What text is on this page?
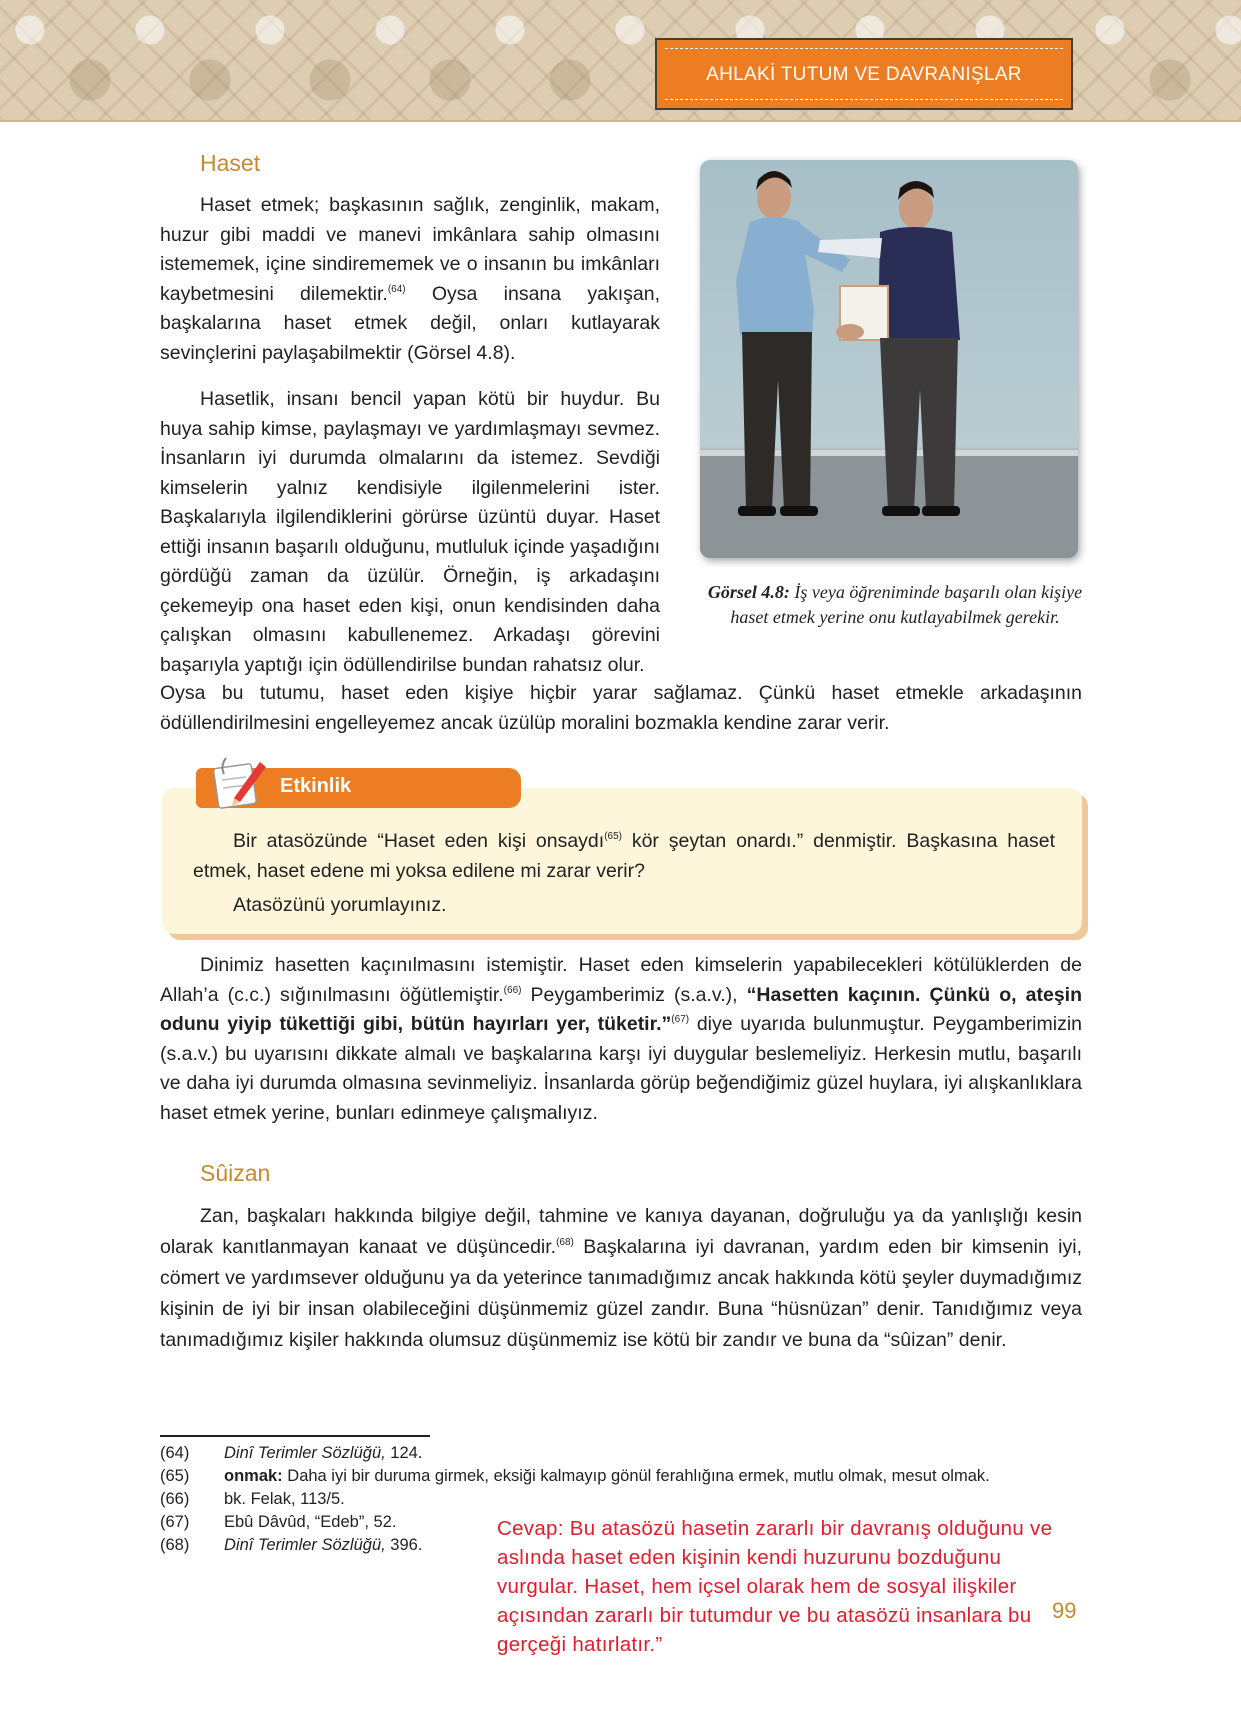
AHLAKİ TUTUM VE DAVRANIŞLAR
Haset

Haset etmek; başkasının sağlık, zenginlik, makam, huzur gibi maddi ve manevi imkânlara sahip olmasını istememek, içine sindirememek ve o insanın bu imkânları kaybetmesini dilemektir.$^{(64)}$ Oysa insana yakışan, başkalarına haset etmek değil, onları kutlayarak sevinçlerini paylaşabilmektir (Görsel 4.8).

Hasetlik, insanı bencil yapan kötü bir huydur. Bu huya sahip kimse, paylaşmayı ve yardımlaşmayı sevmez. İnsanların iyi durumda olmalarını da istemez. Sevdiği kimselerin yalnız kendisiyle ilgilenmelerini ister. Başkalarıyla ilgilendiklerini görürse üzüntü duyar. Haset ettiği insanın başarılı olduğunu, mutluluk içinde yaşadığını gördüğü zaman da üzülür. Örneğin, iş arkadaşını çekemeyip ona haset eden kişi, onun kendisinden daha çalışkan olmasını kabullenemez. Arkadaşı görevini başarıyla yaptığı için ödüllendirilse bundan rahatsız olur.

Oysa bu tutumu, haset eden kişiye hiçbir yarar sağlamaz. Çünkü haset etmekle arkadaşının ödüllendirilmesini engelleyemez ancak üzülüp moralini bozmakla kendine zarar verir.

Görsel 4.8: İş veya öğreniminde başarılı olan kişiye haset etmek yerine onu kutlayabilmek gerekir.
Etkinlik

Bir atasözünde “Haset eden kişi onsaydı$^{(65)}$ kör şeytan onardı.” denmiştir. Başkasına haset etmek, haset edene mi yoksa edilene mi zarar verir?

Atasözünü yorumlayınız.

Dinimiz hasetten kaçınılmasını istemiştir. Haset eden kimselerin yapabilecekleri kötülüklerden de Allah’a (c.c.) sığınılmasını öğütlemiştir.$^{(66)}$ Peygamberimiz (s.a.v.), “Hasetten kaçının. Çünkü o, ateşin odunu yiyip tükettiği gibi, bütün hayırları yer, tüketir.”$^{(67)}$ diye uyarıda bulunmuştur. Peygamberimizin (s.a.v.) bu uyarısını dikkate almalı ve başkalarına karşı iyi duygular beslemeliyiz. Herkesin mutlu, başarılı ve daha iyi durumda olmasına sevinmeliyiz. İnsanlarda görüp beğendiğimiz güzel huylara, iyi alışkanlıklara haset etmek yerine, bunları edinmeye çalışmalıyız.

Sûizan

Zan, başkaları hakkında bilgiye değil, tahmine ve kanıya dayanan, doğruluğu ya da yanlışlığı kesin olarak kanıtlanmayan kanaat ve düşüncedir.$^{(68)}$ Başkalarına iyi davranan, yardım eden bir kimsenin iyi, cömert ve yardımsever olduğunu ya da yeterince tanımadığımız ancak hakkında kötü şeyler duymadığımız kişinin de iyi bir insan olabileceğini düşünmemiz güzel zandır. Buna “hüsnüzan” denir. Tanıdığımız veya tanımadığımız kişiler hakkında olumsuz düşünmemiz ise kötü bir zandır ve buna da “sûizan” denir.

(64) Dinî Terimler Sözlüğü, 124.
(65) onmak: Daha iyi bir duruma girmek, eksiği kalmayıp gönül ferahlığına ermek, mutlu olmak, mesut olmak.
(66) bk. Felak, 113/5.
(67) Ebû Dâvûd, “Edeb”, 52.
(68) Dinî Terimler Sözlüğü, 396.
Cevap: Bu atasözü hasetin zararlı bir davranış olduğunu ve aslında haset eden kişinin kendi huzurunu bozduğunu vurgular. Haset, hem içsel olarak hem de sosyal ilişkiler açısından zararlı bir tutumdur ve bu atasözü insanlara bu gerçeği hatırlatır.”
99
